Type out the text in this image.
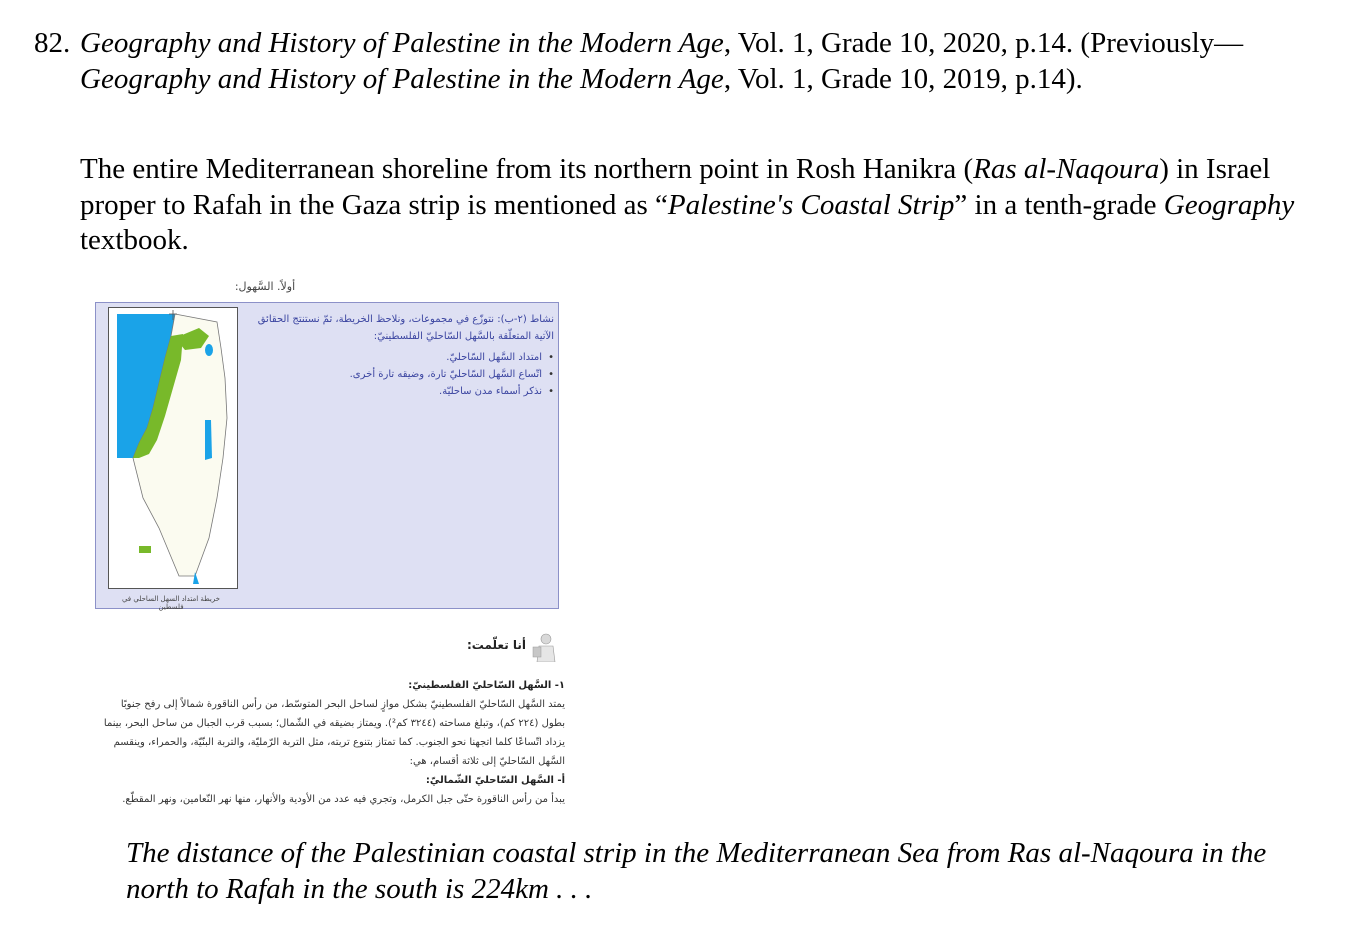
82. Geography and History of Palestine in the Modern Age, Vol. 1, Grade 10, 2020, p.14. (Previously—Geography and History of Palestine in the Modern Age, Vol. 1, Grade 10, 2019, p.14).
The entire Mediterranean shoreline from its northern point in Rosh Hanikra (Ras al-Naqoura) in Israel proper to Rafah in the Gaza strip is mentioned as “Palestine's Coastal Strip” in a tenth-grade Geography textbook.
أولاً. السَّهول:
خريطة امتداد السهل الساحلي في فلسطين
نشاط (٢-ب): نتوزّع في مجموعات، ونلاحظ الخريطة، ثمّ نستنتج الحقائق الآتية المتعلّقة بالسَّهل السّاحليّ الفلسطينيّ:
• امتداد السَّهل السّاحليّ.
• اتّساع السَّهل السّاحليّ تارة، وضيقه تارة أخرى.
• نذكر أسماء مدن ساحليّة.
أنا تعلّمت:
١- السَّهل السّاحليّ الفلسطينيّ:
يمتد السَّهل السّاحليّ الفلسطينيّ بشكل موازٍ لساحل البحر المتوسّط، من رأس الناقورة شمالاً إلى رفح جنوبًا بطول (٢٢٤ كم)، وتبلغ مساحته (٣٢٤٤ كم²). ويمتاز بضيقه في الشّمال؛ بسبب قرب الجبال من ساحل البحر، بينما يزداد اتّساعًا كلما اتجهنا نحو الجنوب. كما تمتاز بتنوع تربته، مثل التربة الرّمليّة، والتربة البنّيّة، والحمراء، وينقسم السَّهل السّاحليّ إلى ثلاثة أقسام، هي:
أ- السَّهل السّاحليّ الشّماليّ:
يبدأ من رأس الناقورة حتّى جبل الكرمل، وتجري فيه عدد من الأودية والأنهار، منها نهر النّعامين، ونهر المقطّع.
The distance of the Palestinian coastal strip in the Mediterranean Sea from Ras al-Naqoura in the north to Rafah in the south is 224km . . .
